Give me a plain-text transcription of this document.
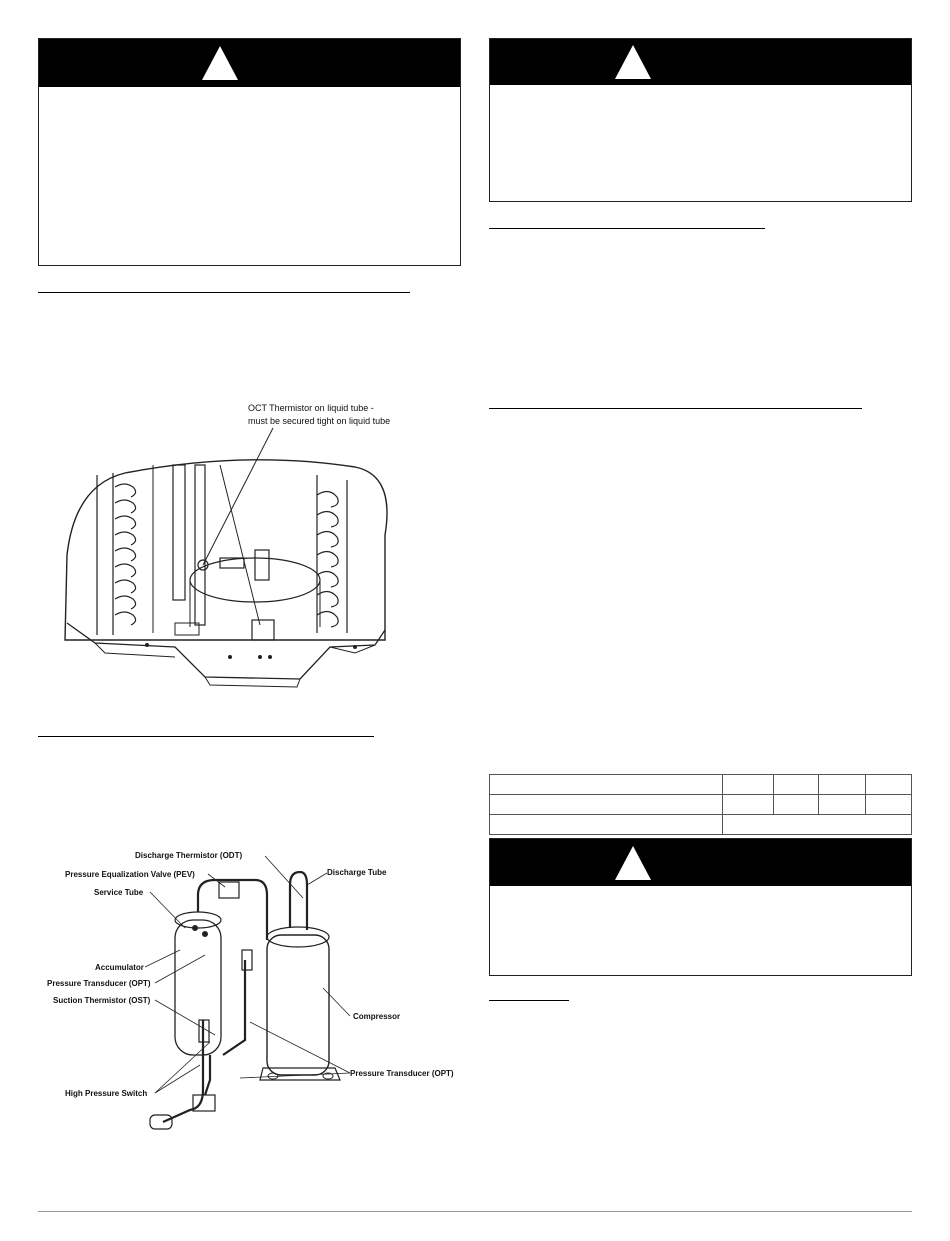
OCT Thermistor on liquid tube -
must be secured tight on liquid tube
Discharge Thermistor (ODT)
Pressure Equalization Valve (PEV)
Service Tube
Discharge Tube
Accumulator
Pressure Transducer (OPT)
Suction Thermistor (OST)
Compressor
Pressure Transducer (OPT)
High Pressure Switch
